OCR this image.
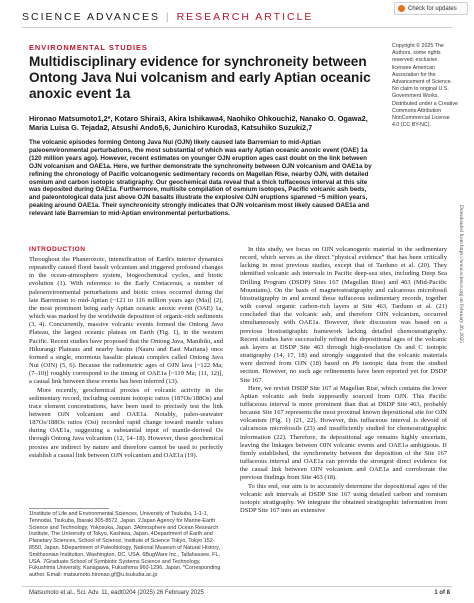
Check for updates
SCIENCE ADVANCES | RESEARCH ARTICLE
ENVIRONMENTAL STUDIES
Multidisciplinary evidence for synchroneity between Ontong Java Nui volcanism and early Aptian oceanic anoxic event 1a

Hironao Matsumoto1,2*, Kotaro Shirai3, Akira Ishikawa4, Naohiko Ohkouchi2, Nanako O. Ogawa2, Maria Luisa G. Tejada2, Atsushi Ando5,6, Junichiro Kuroda3, Katsuhiko Suzuki2,7

The volcanic episodes forming Ontong Java Nui (OJN) likely caused late Barremian to mid-Aptian paleoenvironmental perturbations, the most substantial of which was early Aptian oceanic anoxic event (OAE) 1a (120 million years ago). However, recent estimates on younger OJN eruption ages cast doubt on the link between OJN volcanism and OAE1a. Here, we further demonstrate the synchroneity between OJN volcanism and OAE1a by refining the chronology of Pacific volcanogenic sedimentary records on Magellan Rise, nearby OJN, with detailed osmium and carbon isotopic stratigraphy. Our geochemical data reveal that a thick tuffaceous interval at this site was deposited during OAE1a. Furthermore, multisite compilation of osmium isotopes, Pacific volcanic ash beds, and paleontological data just above OJN basalts illustrate the explosive OJN eruptions spanned ~5 million years, peaking around OAE1a. Their synchronicity strongly indicates that OJN volcanism most likely caused OAE1a and relevant late Barremian to mid-Aptian environmental perturbations.

Copyright © 2025 The Authors, some rights reserved; exclusive licensee American Association for the Advancement of Science. No claim to original U.S. Government Works. Distributed under a Creative Commons Attribution NonCommercial License 4.0 (CC BY-NC).

Downloaded from https://www.science.org on February 26, 2025
INTRODUCTION

Throughout the Phanerozoic, intensification of Earth's interior dynamics repeatedly caused flood basalt volcanism and triggered profound changes in the ocean-atmosphere system, biogeochemical cycles, and biotic evolution (1). With reference to the Early Cretaceous, a number of paleoenvironmental perturbations and biotic crises occurred during the late Barremian to mid-Aptian (~121 to 116 million years ago (Ma)] (2), the most prominent being early Aptian oceanic anoxic event (OAE) 1a, which was marked by the worldwide deposition of organic-rich sediments (3, 4). Concurrently, massive volcanic events formed the Ontong Java Plateau, the largest oceanic plateau on Earth (Fig. 1), in the western Pacific. Recent studies have proposed that the Ontong Java, Manihiki, and Hikurangi Plateaus and nearby basins (Nauru and East Mariana) once formed a single, enormous basaltic plateau complex called Ontong Java Nui (OJN) (5, 6). Because the radiometric ages of OJN lava [~122 Ma; (7–10)] roughly correspond to the timing of OAE1a [~119 Ma; (11, 12)], a causal link between these events has been inferred (13).

More recently, geochemical proxies of volcanic activity in the sedimentary record, including osmium isotopic ratios (187Os/188Os) and trace element concentrations, have been used to precisely test the link between OJN volcanism and OAE1a. Notably, paleo-seawater 187Os/188Os ratios (Osi) recorded rapid change toward mantle values during OAE1a, suggesting a substantial input of mantle-derived Os through Ontong Java volcanism (12, 14–18). However, these geochemical proxies are indirect by nature and therefore cannot be used to perfectly establish a causal link between OJN volcanism and OAE1a (19).

1Institute of Life and Environmental Sciences, University of Tsukuba, 1-1-1, Tennodai, Tsukuba, Ibaraki 305-8572, Japan. 2Japan Agency for Marine-Earth Science and Technology, Yokosuka, Japan. 3Atmosphere and Ocean Research Institute, The University of Tokyo, Kashiwa, Japan. 4Department of Earth and Planetary Sciences, School of Science, Institute of Science Tokyo, Tokyo 152-8550, Japan. 5Department of Paleobiology, National Museum of Natural History, Smithsonian Institution, Washington, DC, USA. 6BugWare Inc., Tallahassee, FL, USA. 7Graduate School of Symbiotic Systems Science and Technology, Fukushima University, Kanagawa, Fukushima 960-1296, Japan. *Corresponding author. Email: matsumoto.hironao.gf@u.tsukuba.ac.jp

In this study, we focus on OJN volcanogenic material in the sedimentary record, which serves as the direct "physical evidence" that has been critically lacking in most previous studies, except that of Tarduno et al. (20). They identified volcanic ash intervals in Pacific deep-sea sites, including Deep Sea Drilling Program (DSDP) Sites 167 (Magellan Rise) and 463 (Mid-Pacific Mountains). On the basis of magnetostratigraphy and calcareous microfossil biostratigraphy in and around these tuffaceous sedimentary records, together with coeval organic carbon-rich layers at Site 463, Tarduno et al. (21) concluded that the volcanic ash, and therefore OJN volcanism, occurred simultaneously with OAE1a. However, their discussion was based on a previous biostratigraphic framework lacking detailed chemostratigraphy. Recent studies have successfully refined the depositional ages of the volcanic ash layers at DSDP Site 463 through high-resolution Os and C isotopic stratigraphy (14, 17, 18) and strongly suggested that the volcanic materials were derived from OJN (18) based on Pb isotopic data from the studied section. However, no such age refinements have been reported yet for DSDP Site 167.

Here, we revisit DSDP Site 167 at Magellan Rise, which contains the lower Aptian volcanic ash beds supposedly sourced from OJN. This Pacific tuffaceous interval is more prominent than that at DSDP Site 463, probably because Site 167 represents the most proximal known depositional site for OJN volcanism (Fig. 1) (21, 22). However, this tuffaceous interval is devoid of calcareous microfossils (23) and insufficiently studied for chemostratigraphic information (22). Therefore, its depositional age remains highly uncertain, leaving the linkages between OJN volcanic events and OAE1a ambiguous. If firmly established, the synchroneity between the deposition of the Site 167 tuffaceous interval and OAE1a can provide the strongest direct evidence for the causal link between OJN volcanism and OAE1a and corroborate the previous findings from Site 463 (18).

To this end, our aim is to accurately determine the depositional ages of the volcanic ash intervals at DSDP Site 167 using detailed carbon and osmium isotopic stratigraphy. We integrate the obtained stratigraphic information from DSDP Site 167 into an extensive

Matsumoto et al., Sci. Adv. 11, eadt0204 (2025) 26 February 2025	1 of 8
